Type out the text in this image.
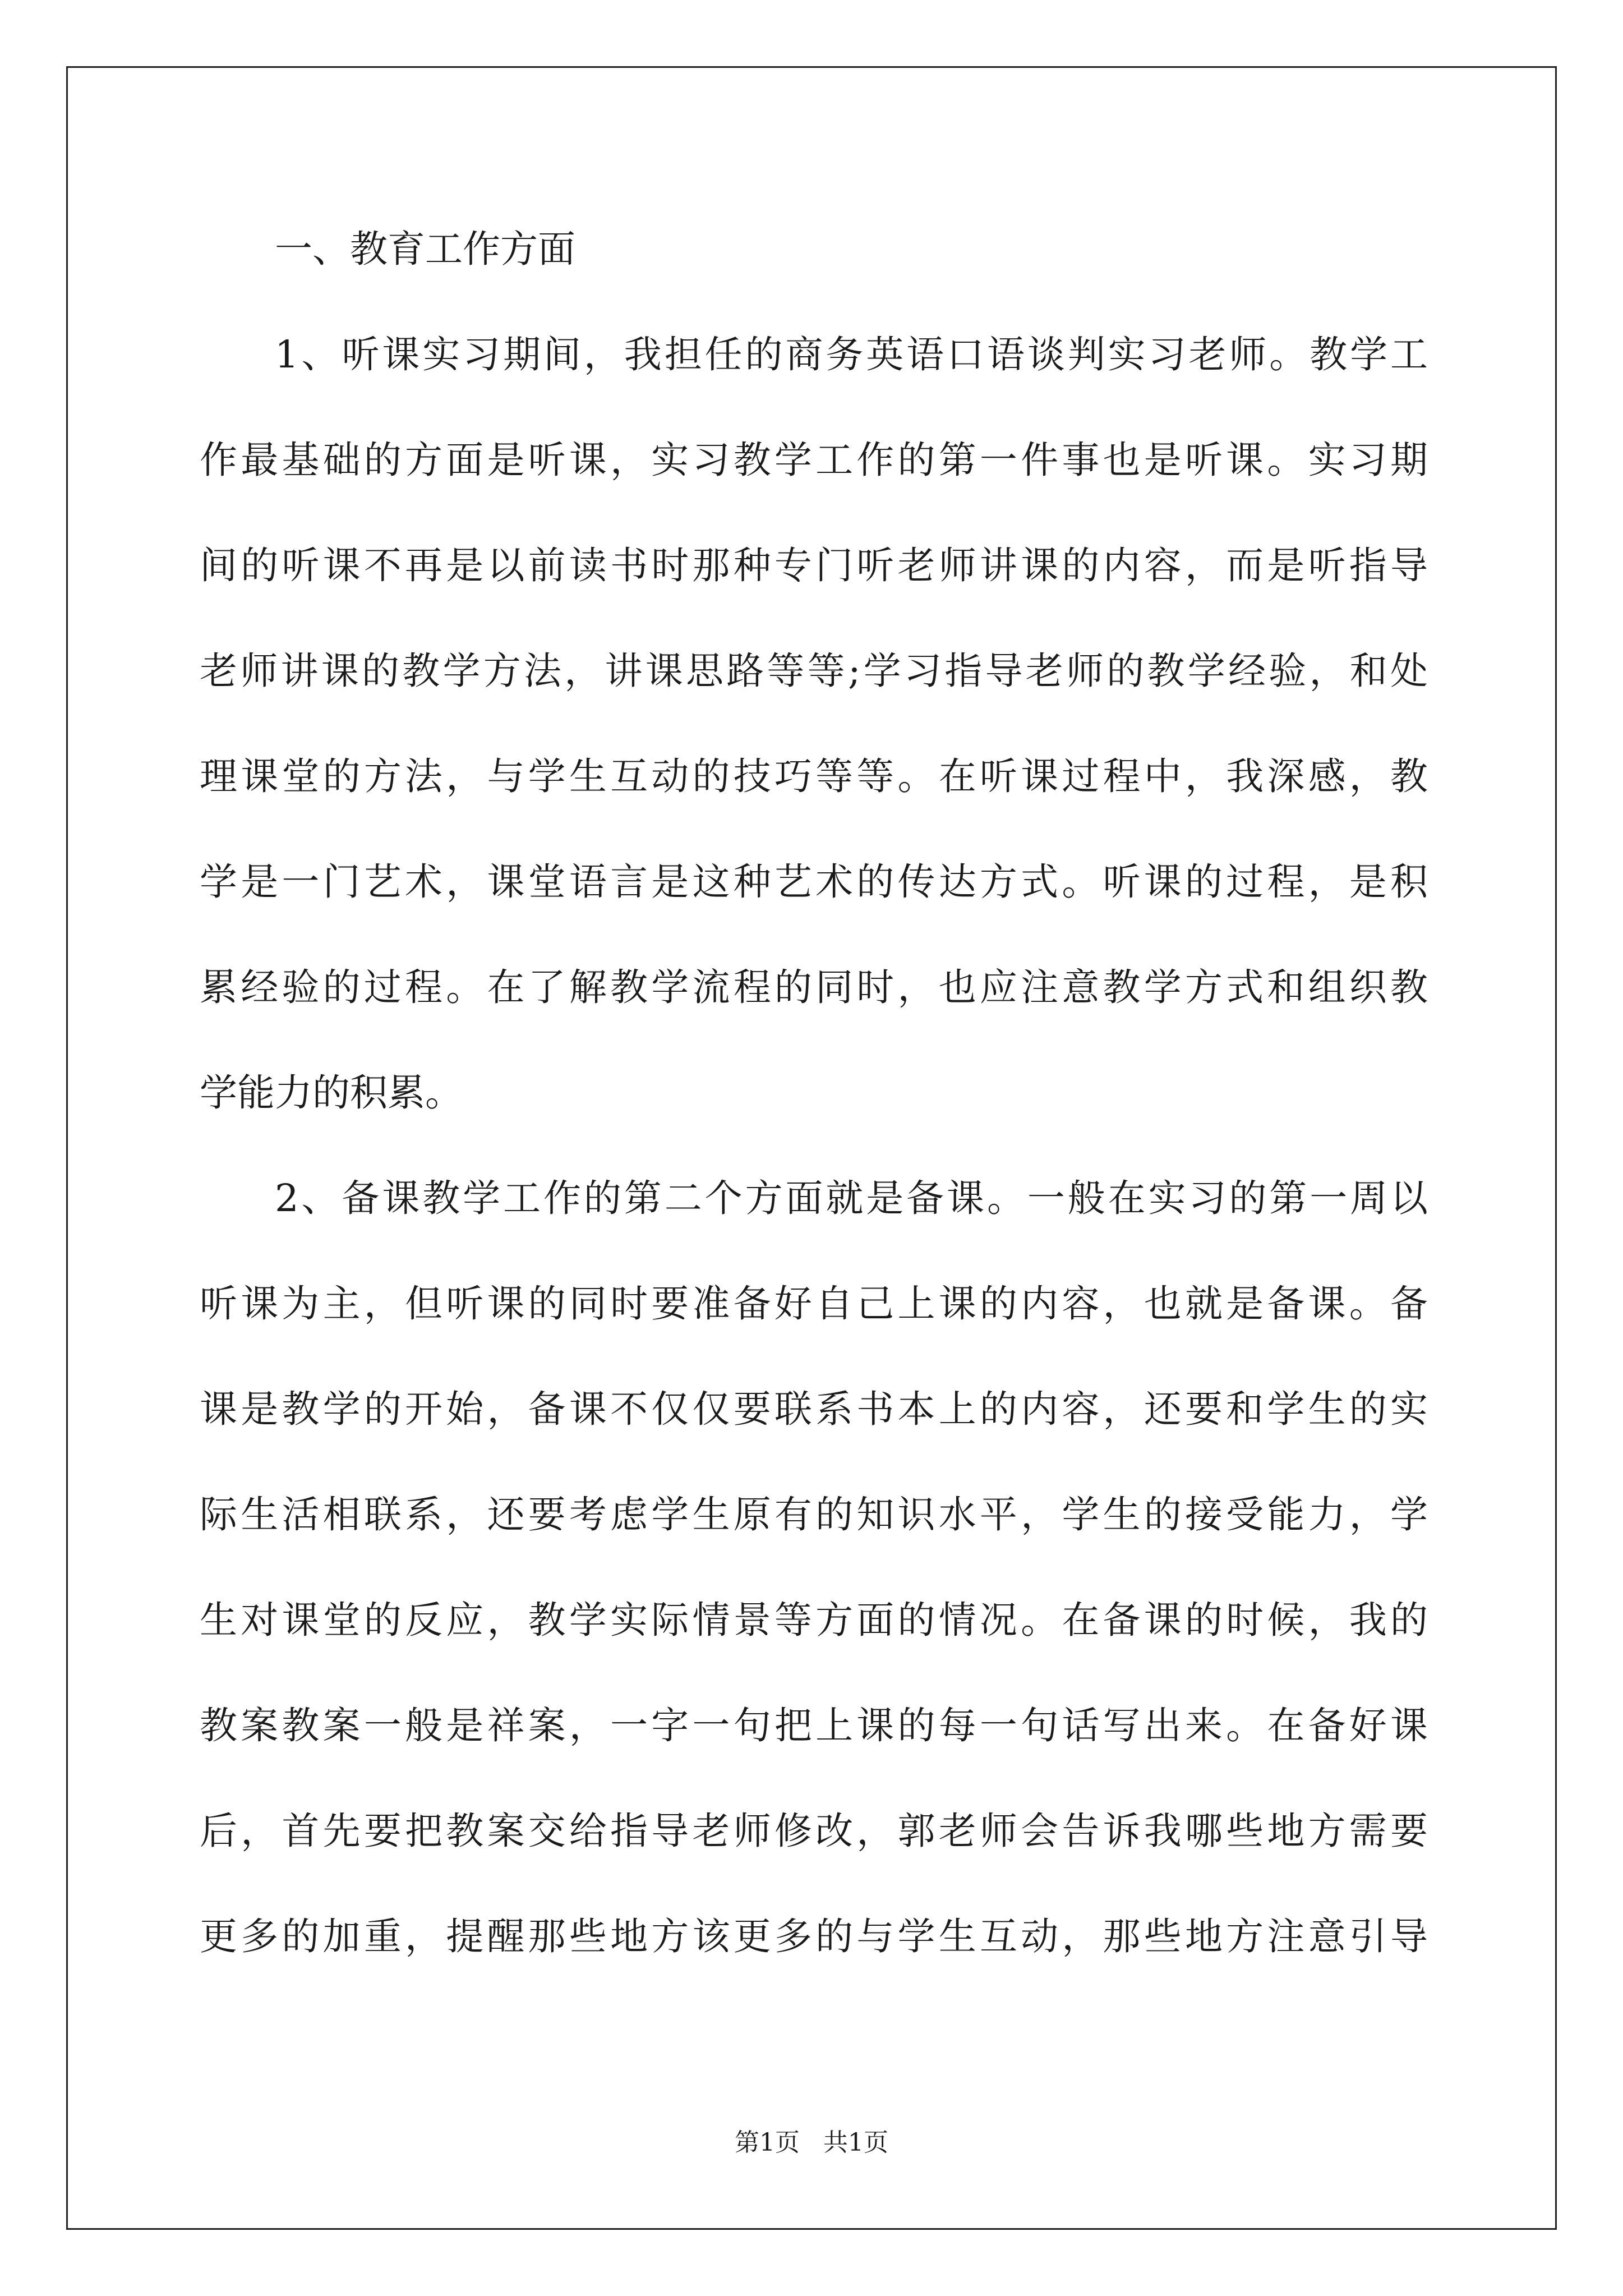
一、教育工作方面
1、听课实习期间，我担任的商务英语口语谈判实习老师。教学工
作最基础的方面是听课，实习教学工作的第一件事也是听课。实习期
间的听课不再是以前读书时那种专门听老师讲课的内容，而是听指导
老师讲课的教学方法，讲课思路等等;学习指导老师的教学经验，和处
理课堂的方法，与学生互动的技巧等等。在听课过程中，我深感，教
学是一门艺术，课堂语言是这种艺术的传达方式。听课的过程，是积
累经验的过程。在了解教学流程的同时，也应注意教学方式和组织教
学能力的积累。
2、备课教学工作的第二个方面就是备课。一般在实习的第一周以
听课为主，但听课的同时要准备好自己上课的内容，也就是备课。备
课是教学的开始，备课不仅仅要联系书本上的内容，还要和学生的实
际生活相联系，还要考虑学生原有的知识水平，学生的接受能力，学
生对课堂的反应，教学实际情景等方面的情况。在备课的时候，我的
教案教案一般是祥案，一字一句把上课的每一句话写出来。在备好课
后，首先要把教案交给指导老师修改，郭老师会告诉我哪些地方需要
更多的加重，提醒那些地方该更多的与学生互动，那些地方注意引导
第1页 共1页
